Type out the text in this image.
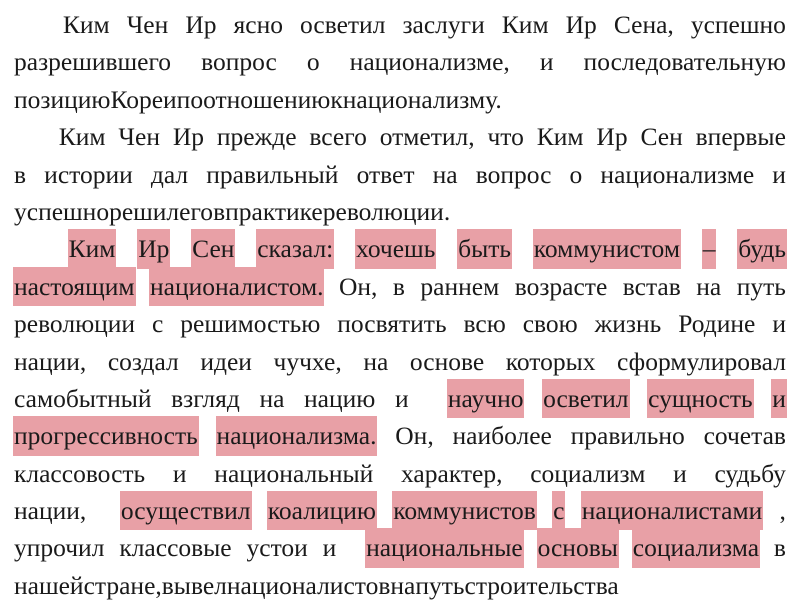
Ким Чен Ир ясно осветил заслуги Ким Ир Сена, успешно
разрешившего вопрос о национализме, и последовательную
позицию Кореи по отношению к национализму.

Ким Чен Ир прежде всего отметил, что Ким Ир Сен впервые
в истории дал правильный ответ на вопрос о национализме и
успешно решил его в практике революции.

Ким Ир Сен сказал: хочешь быть коммунистом – будь
настоящим националистом. Он, в раннем возрасте встав на путь
революции с решимостью посвятить всю свою жизнь Родине и
нации, создал идеи чучхе, на основе которых сформулировал
самобытный взгляд на нацию и научно осветил сущность и
прогрессивность национализма. Он, наиболее правильно сочетав
классовость и национальный характер, социализм и судьбу
нации, осуществил коалицию коммунистов с националистами ,
упрочил классовые устои и национальные основы социализма в
нашей стране, вывел националистов на путь строительства
